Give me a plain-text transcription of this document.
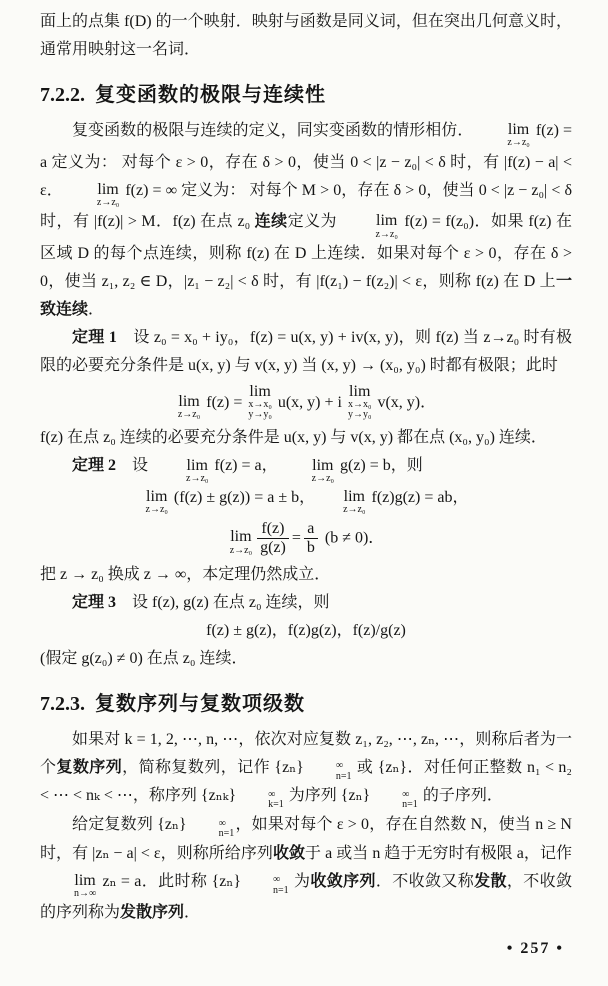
面上的点集 f(D) 的一个映射．映射与函数是同义词，但在突出几何意义时，通常用映射这一名词．

7.2.2. 复变函数的极限与连续性

复变函数的极限与连续的定义，同实变函数的情形相仿．	lim
z→z₀
f(z) = a 定义为： 对每个 ε > 0，存在 δ > 0，使当 0 < |z − z₀| < δ 时，有 |f(z) − a| < ε．	lim
z→z₀
f(z) = ∞ 定义为： 对每个 M > 0，存在 δ > 0，使当 0 < |z − z₀| < δ 时，有 |f(z)| > M．f(z) 在点 z₀ 连续定义为	lim
z→z₀
f(z) = f(z₀)．如果 f(z) 在区域 D 的每个点连续，则称 f(z) 在 D 上连续．如果对每个 ε > 0，存在 δ > 0，使当 z₁, z₂ ∈ D，|z₁ − z₂| < δ 时，有 |f(z₁) − f(z₂)| < ε，则称 f(z) 在 D 上一致连续．

定理 1　设 z₀ = x₀ + iy₀，f(z) = u(x, y) + iv(x, y)，则 f(z) 当 z→z₀ 时有极限的必要充分条件是 u(x, y) 与 v(x, y) 当 (x, y) → (x₀, y₀) 时都有极限；此时

lim
z→z₀
f(z) =
lim
x→x₀
y→y₀
u(x, y) + i
lim
x→x₀
y→y₀
v(x, y)．

f(z) 在点 z₀ 连续的必要充分条件是 u(x, y) 与 v(x, y) 都在点 (x₀, y₀) 连续．

定理 2　设	lim
z→z₀
f(z) = a，	lim
z→z₀
g(z) = b，则

lim
z→z₀
(f(z) ± g(z)) = a ± b， lim
z→z₀
f(z)g(z) = ab，
lim
$z\to z_0 \frac{f(z)}{g(z)} = \frac{a}{b} (b \ne 0)$．

把 z → z₀ 换成 z → ∞，本定理仍然成立．

定理 3　设 f(z), g(z) 在点 z₀ 连续，则

f(z) ± g(z)，f(z)g(z)，f(z)/g(z)

(假定 g(z₀) ≠ 0) 在点 z₀ 连续．

7.2.3. 复数序列与复数项级数

如果对 k = 1, 2, ⋯, n, ⋯，依次对应复数 z₁, z₂, ⋯, zₙ, ⋯，则称后者为一个复数序列，简称复数列，记作 {zₙ}	∞
n=1
或 {zₙ}．对任何正整数 n₁ < n₂ < ⋯ < nₖ < ⋯，称序列 {zₙₖ}	∞
k=1
为序列 {zₙ}	∞
n=1
的子序列．

给定复数列 {zₙ}	∞
n=1
，如果对每个 ε > 0，存在自然数 N，使当 n ≥ N 时，有 |zₙ − a| < ε，则称所给序列收敛于 a 或当 n 趋于无穷时有极限 a，记作
lim
n→∞
zₙ = a．此时称 {zₙ}	∞
n=1
为收敛序列．不收敛又称发散，不收敛的序列称为发散序列．

• 257 •
